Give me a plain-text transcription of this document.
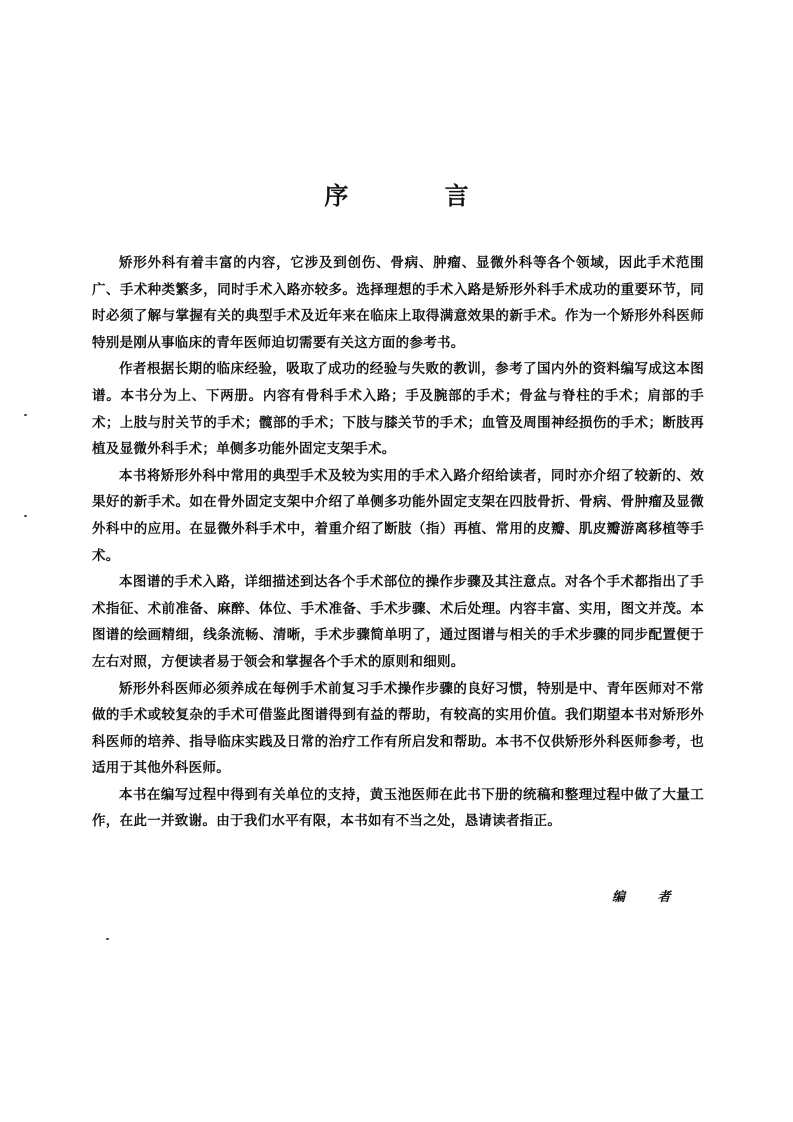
序 言

矫形外科有着丰富的内容，它涉及到创伤、骨病、肿瘤、显微外科等各个领域，因此手术范围广、手术种类繁多，同时手术入路亦较多。选择理想的手术入路是矫形外科手术成功的重要环节，同时必须了解与掌握有关的典型手术及近年来在临床上取得满意效果的新手术。作为一个矫形外科医师特别是刚从事临床的青年医师迫切需要有关这方面的参考书。

作者根据长期的临床经验，吸取了成功的经验与失败的教训，参考了国内外的资料编写成这本图谱。本书分为上、下两册。内容有骨科手术入路；手及腕部的手术；骨盆与脊柱的手术；肩部的手术；上肢与肘关节的手术；髋部的手术；下肢与膝关节的手术；血管及周围神经损伤的手术；断肢再植及显微外科手术；单侧多功能外固定支架手术。

本书将矫形外科中常用的典型手术及较为实用的手术入路介绍给读者，同时亦介绍了较新的、效果好的新手术。如在骨外固定支架中介绍了单侧多功能外固定支架在四肢骨折、骨病、骨肿瘤及显微外科中的应用。在显微外科手术中，着重介绍了断肢（指）再植、常用的皮瓣、肌皮瓣游离移植等手术。

本图谱的手术入路，详细描述到达各个手术部位的操作步骤及其注意点。对各个手术都指出了手术指征、术前准备、麻醉、体位、手术准备、手术步骤、术后处理。内容丰富、实用，图文并茂。本图谱的绘画精细，线条流畅、清晰，手术步骤简单明了，通过图谱与相关的手术步骤的同步配置便于左右对照，方便读者易于领会和掌握各个手术的原则和细则。

矫形外科医师必须养成在每例手术前复习手术操作步骤的良好习惯，特别是中、青年医师对不常做的手术或较复杂的手术可借鉴此图谱得到有益的帮助，有较高的实用价值。我们期望本书对矫形外科医师的培养、指导临床实践及日常的治疗工作有所启发和帮助。本书不仅供矫形外科医师参考，也适用于其他外科医师。

本书在编写过程中得到有关单位的支持，黄玉池医师在此书下册的统稿和整理过程中做了大量工作，在此一并致谢。由于我们水平有限，本书如有不当之处，恳请读者指正。

编 者
